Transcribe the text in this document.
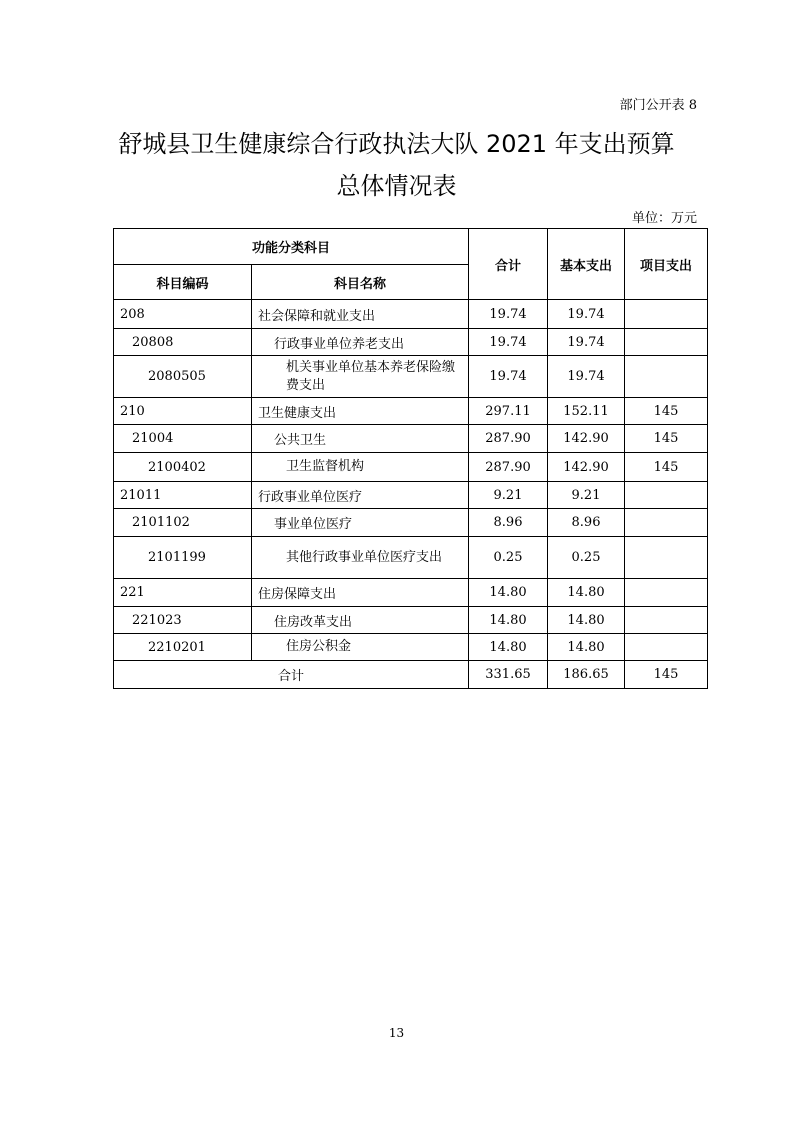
部门公开表 8
舒城县卫生健康综合行政执法大队 2021 年支出预算
总体情况表
单位：万元
功能分类科目		合计	基本支出	项目支出
科目编码	科目名称			
208	社会保障和就业支出	19.74	19.74	
20808	行政事业单位养老支出	19.74	19.74	
2080505	机关事业单位基本养老保险缴费支出	19.74	19.74	
210	卫生健康支出	297.11	152.11	145
21004	公共卫生	287.90	142.90	145
2100402	卫生监督机构	287.90	142.90	145
21011	行政事业单位医疗	9.21	9.21	
2101102	事业单位医疗	8.96	8.96	
2101199	其他行政事业单位医疗支出	0.25	0.25	
221	住房保障支出	14.80	14.80	
221023	住房改革支出	14.80	14.80	
2210201	住房公积金	14.80	14.80	
合计		331.65	186.65	145
13
